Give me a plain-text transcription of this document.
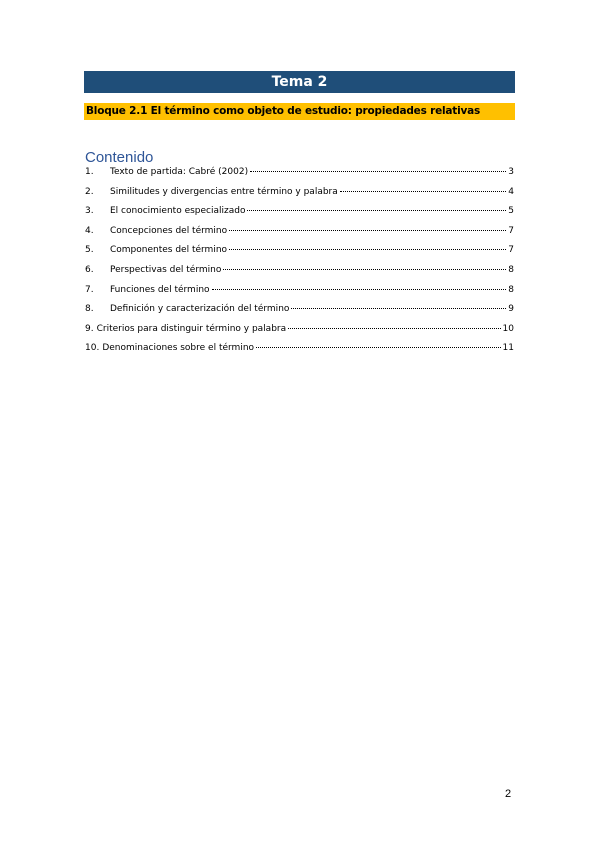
Tema 2
Bloque 2.1 El término como objeto de estudio: propiedades relativas
Contenido
1.	Texto de partida: Cabré (2002)	3
2.	Similitudes y divergencias entre término y palabra	4
3.	El conocimiento especializado	5
4.	Concepciones del término	7
5.	Componentes del término	7
6.	Perspectivas del término	8
7.	Funciones del término	8
8.	Definición y caracterización del término	9
9. Criterios para distinguir término y palabra	10
10. Denominaciones sobre el término	11
2
